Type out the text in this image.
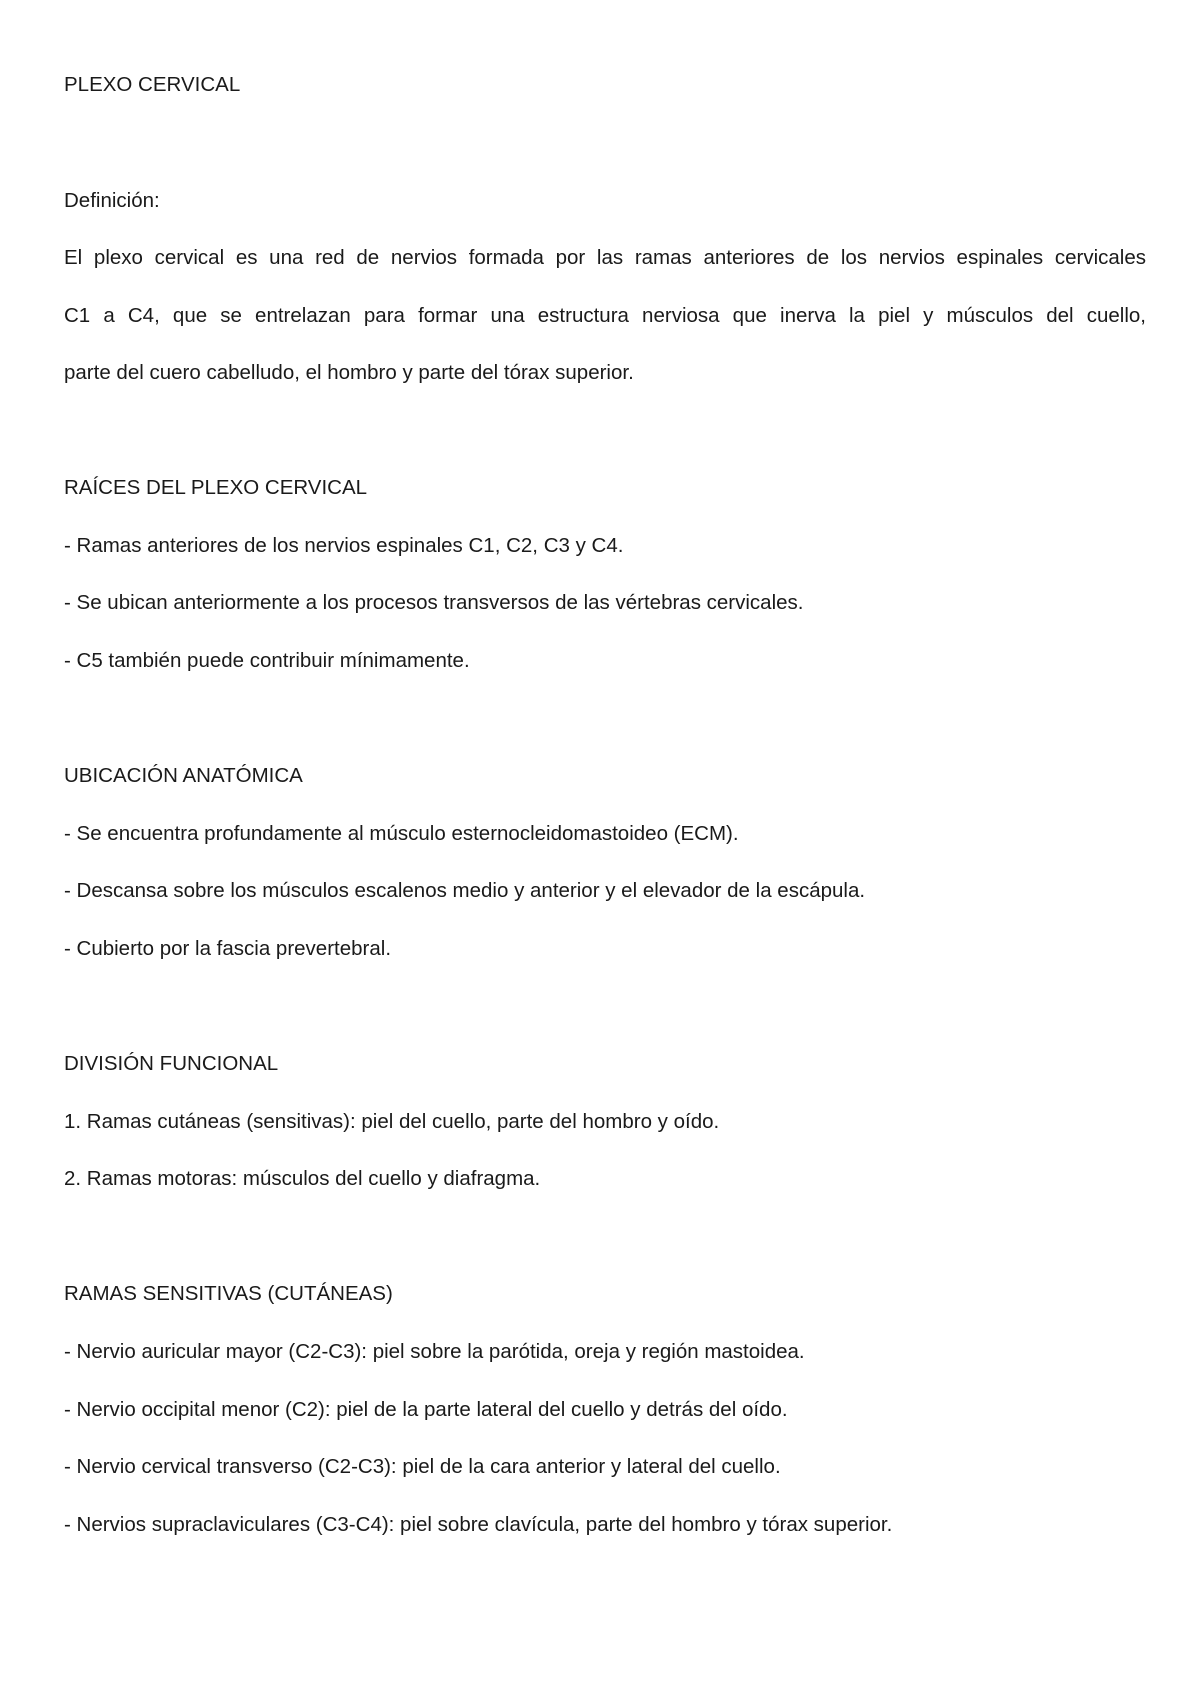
PLEXO CERVICAL
Definición:
El plexo cervical es una red de nervios formada por las ramas anteriores de los nervios espinales cervicales
C1 a C4, que se entrelazan para formar una estructura nerviosa que inerva la piel y músculos del cuello,
parte del cuero cabelludo, el hombro y parte del tórax superior.
RAÍCES DEL PLEXO CERVICAL
- Ramas anteriores de los nervios espinales C1, C2, C3 y C4.
- Se ubican anteriormente a los procesos transversos de las vértebras cervicales.
- C5 también puede contribuir mínimamente.
UBICACIÓN ANATÓMICA
- Se encuentra profundamente al músculo esternocleidomastoideo (ECM).
- Descansa sobre los músculos escalenos medio y anterior y el elevador de la escápula.
- Cubierto por la fascia prevertebral.
DIVISIÓN FUNCIONAL
1. Ramas cutáneas (sensitivas): piel del cuello, parte del hombro y oído.
2. Ramas motoras: músculos del cuello y diafragma.
RAMAS SENSITIVAS (CUTÁNEAS)
- Nervio auricular mayor (C2-C3): piel sobre la parótida, oreja y región mastoidea.
- Nervio occipital menor (C2): piel de la parte lateral del cuello y detrás del oído.
- Nervio cervical transverso (C2-C3): piel de la cara anterior y lateral del cuello.
- Nervios supraclaviculares (C3-C4): piel sobre clavícula, parte del hombro y tórax superior.
